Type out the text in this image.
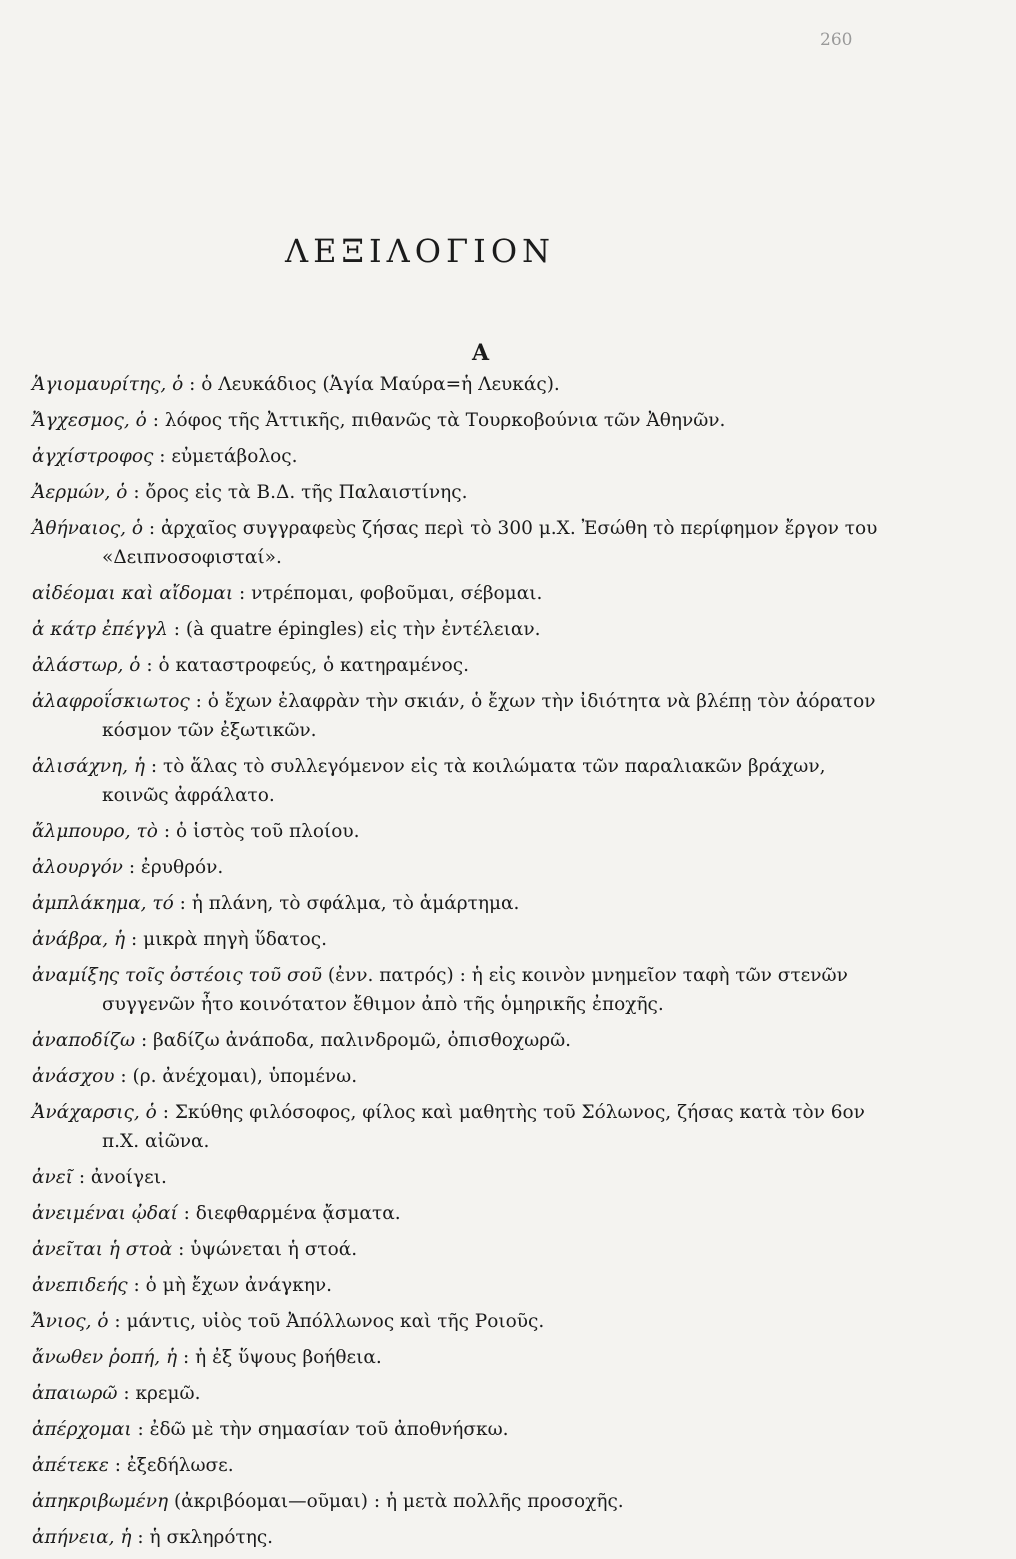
260
ΛΕΞΙΛΟΓΙΟΝ
Α

Ἁγιομαυρίτης, ὁ : ὁ Λευκάδιος (Ἁγία Μαύρα=ἡ Λευκάς).

Ἄγχεσμος, ὁ : λόφος τῆς Ἀττικῆς, πιθανῶς τὰ Τουρκοβούνια τῶν Ἀθηνῶν.

ἀγχίστροφος : εὐμετάβολος.

Ἀερμών, ὁ : ὄρος εἰς τὰ Β.Δ. τῆς Παλαιστίνης.

Ἀθήναιος, ὁ : ἀρχαῖος συγγραφεὺς ζήσας περὶ τὸ 300 μ.Χ. Ἐσώθη τὸ περίφημον ἔργον του «Δειπνοσοφισταί».

αἰδέομαι καὶ αἴδομαι : ντρέπομαι, φοβοῦμαι, σέβομαι.

ἀ κάτρ ἐπέγγλ : (à quatre épingles) εἰς τὴν ἐντέλειαν.

ἀλάστωρ, ὁ : ὁ καταστροφεύς, ὁ κατηραμένος.

ἀλαφροΐσκιωτος : ὁ ἔχων ἐλαφρὰν τὴν σκιάν, ὁ ἔχων τὴν ἰδιότητα νὰ βλέπῃ τὸν ἀόρατον κόσμον τῶν ἐξωτικῶν.

ἁλισάχνη, ἡ : τὸ ἅλας τὸ συλλεγόμενον εἰς τὰ κοιλώματα τῶν παραλιακῶν βράχων, κοινῶς ἀφράλατο.

ἄλμπουρο, τὸ : ὁ ἱστὸς τοῦ πλοίου.

ἀλουργόν : ἐρυθρόν.

ἀμπλάκημα, τό : ἡ πλάνη, τὸ σφάλμα, τὸ ἁμάρτημα.

ἀνάβρα, ἡ : μικρὰ πηγὴ ὕδατος.

ἀναμίξης τοῖς ὀστέοις τοῦ σοῦ (ἐνν. πατρός) : ἡ εἰς κοινὸν μνημεῖον ταφὴ τῶν στενῶν συγγενῶν ἦτο κοινότατον ἔθιμον ἀπὸ τῆς ὁμηρικῆς ἐποχῆς.

ἀναποδίζω : βαδίζω ἀνάποδα, παλινδρομῶ, ὀπισθοχωρῶ.

ἀνάσχου : (ρ. ἀνέχομαι), ὑπομένω.

Ἀνάχαρσις, ὁ : Σκύθης φιλόσοφος, φίλος καὶ μαθητὴς τοῦ Σόλωνος, ζήσας κατὰ τὸν 6ον π.Χ. αἰῶνα.

ἀνεῖ : ἀνοίγει.

ἀνειμέναι ᾠδαί : διεφθαρμένα ᾄσματα.

ἀνεῖται ἡ στοὰ : ὑψώνεται ἡ στοά.

ἀνεπιδεής : ὁ μὴ ἔχων ἀνάγκην.

Ἄνιος, ὁ : μάντις, υἱὸς τοῦ Ἀπόλλωνος καὶ τῆς Ροιοῦς.

ἄνωθεν ῥοπή, ἡ : ἡ ἐξ ὕψους βοήθεια.

ἀπαιωρῶ : κρεμῶ.

ἀπέρχομαι : ἐδῶ μὲ τὴν σημασίαν τοῦ ἀποθνήσκω.

ἀπέτεκε : ἐξεδήλωσε.

ἀπηκριβωμένη (ἀκριβόομαι—οῦμαι) : ἡ μετὰ πολλῆς προσοχῆς.

ἀπήνεια, ἡ : ἡ σκληρότης.
